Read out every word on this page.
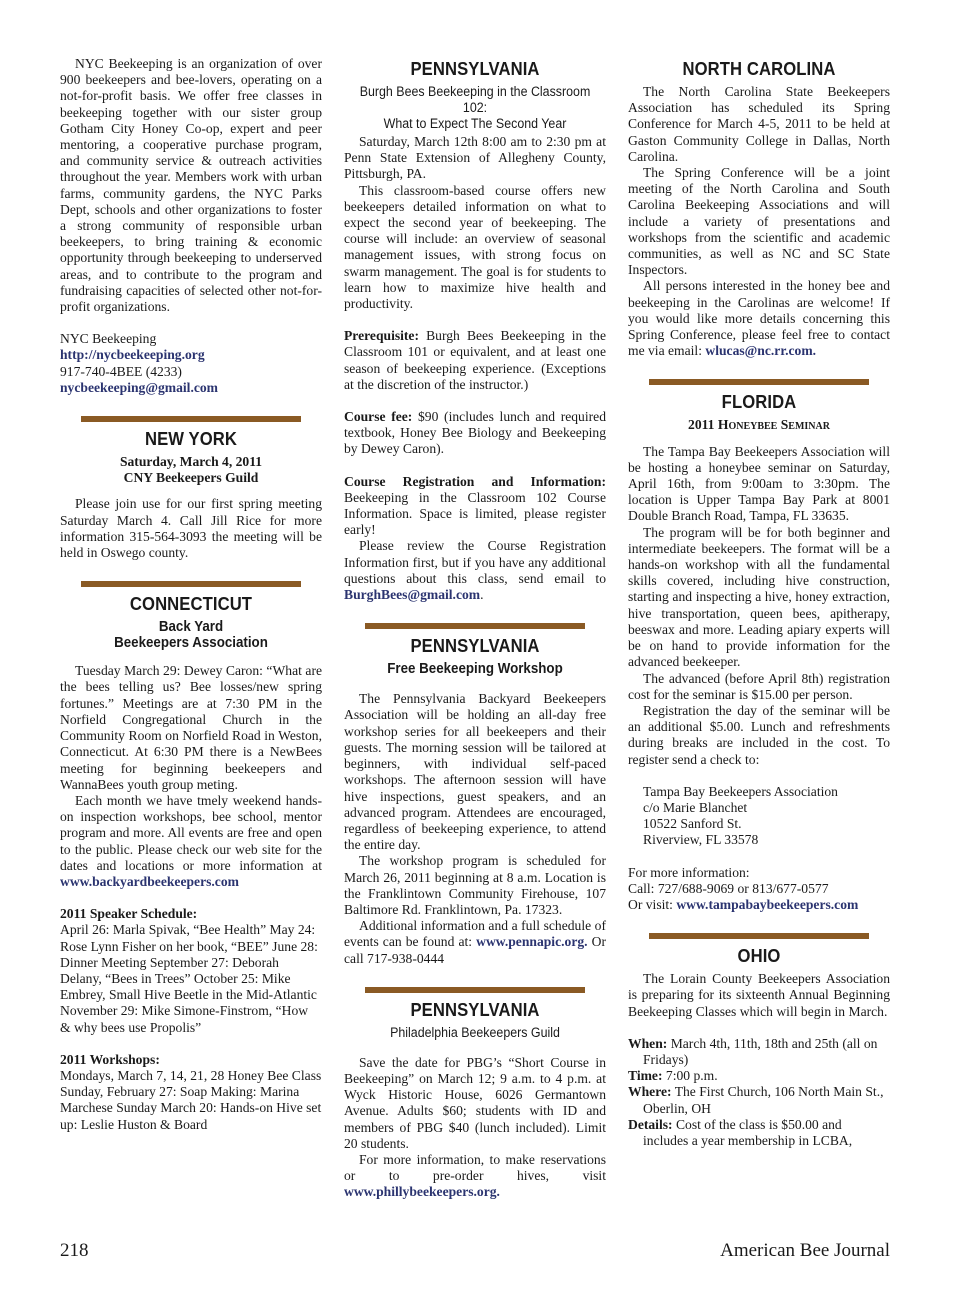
NYC Beekeeping is an organization of over 900 beekeepers and bee-lovers, operating on a not-for-profit basis. We offer free classes in beekeeping together with our sister group Gotham City Honey Co-op, expert and peer mentoring, a cooperative purchase program, and community service & outreach activities throughout the year. Members work with urban farms, community gardens, the NYC Parks Dept, schools and other organizations to foster a strong community of responsible urban beekeepers, to bring training & economic opportunity through beekeeping to underserved areas, and to contribute to the program and fundraising capacities of selected other not-for-profit organizations.

NYC Beekeeping
http://nycbeekeeping.org
917-740-4BEE (4233)
nycbeekeeping@gmail.com

NEW YORK
Saturday, March 4, 2011
CNY Beekeepers Guild

Please join use for our first spring meeting Saturday March 4. Call Jill Rice for more information 315-564-3093 the meeting will be held in Oswego county.

CONNECTICUT
Back Yard
Beekeepers Association

Tuesday March 29: Dewey Caron: “What are the bees telling us? Bee losses/new spring fortunes.” Meetings are at 7:30 PM in the Norfield Congregational Church in the Community Room on Norfield Road in Weston, Connecticut. At 6:30 PM there is a NewBees meeting for beginning beekeepers and WannaBees youth group meting.

Each month we have tmely weekend hands-on inspection workshops, bee school, mentor program and more. All events are free and open to the public. Please check our web site for the dates and locations or more information at www.backyardbeekeepers.com

2011 Speaker Schedule:
April 26: Marla Spivak, “Bee Health” May 24: Rose Lynn Fisher on her book, “BEE” June 28: Dinner Meeting September 27: Deborah Delany, “Bees in Trees” October 25: Mike Embrey, Small Hive Beetle in the Mid-Atlantic November 29: Mike Simone-Finstrom, “How & why bees use Propolis”

2011 Workshops:
Mondays, March 7, 14, 21, 28 Honey Bee Class Sunday, February 27: Soap Making: Marina Marchese Sunday March 20: Hands-on Hive set up: Leslie Huston & Board

PENNSYLVANIA
Burgh Bees Beekeeping in the Classroom 102:
What to Expect The Second Year

Saturday, March 12th 8:00 am to 2:30 pm at Penn State Extension of Allegheny County, Pittsburgh, PA.

This classroom-based course offers new beekeepers detailed information on what to expect the second year of beekeeping. The course will include: an overview of seasonal management issues, with strong focus on swarm management. The goal is for students to learn how to maximize hive health and productivity.

Prerequisite: Burgh Bees Beekeeping in the Classroom 101 or equivalent, and at least one season of beekeeping experience. (Exceptions at the discretion of the instructor.)

Course fee: $90 (includes lunch and required textbook, Honey Bee Biology and Beekeeping by Dewey Caron).

Course Registration and Information: Beekeeping in the Classroom 102 Course Information. Space is limited, please register early!

Please review the Course Registration Information first, but if you have any additional questions about this class, send email to BurghBees@gmail.com.

PENNSYLVANIA
Free Beekeeping Workshop

The Pennsylvania Backyard Beekeepers Association will be holding an all-day free workshop series for all beekeepers and their guests. The morning session will be tailored at beginners, with individual self-paced workshops. The afternoon session will have hive inspections, guest speakers, and an advanced program. Attendees are encouraged, regardless of beekeeping experience, to attend the entire day.

The workshop program is scheduled for March 26, 2011 beginning at 8 a.m. Location is the Franklintown Community Firehouse, 107 Baltimore Rd. Franklintown, Pa. 17323.

Additional information and a full schedule of events can be found at: www.pennapic.org. Or call 717-938-0444

PENNSYLVANIA
Philadelphia Beekeepers Guild

Save the date for PBG’s “Short Course in Beekeeping” on March 12; 9 a.m. to 4 p.m. at Wyck Historic House, 6026 Germantown Avenue. Adults $60; students with ID and members of PBG $40 (lunch included). Limit 20 students.

For more information, to make reservations or to pre-order hives, visit www.phillybeekeepers.org.

NORTH CAROLINA

The North Carolina State Beekeepers Association has scheduled its Spring Conference for March 4-5, 2011 to be held at Gaston Community College in Dallas, North Carolina.

The Spring Conference will be a joint meeting of the North Carolina and South Carolina Beekeeping Associations and will include a variety of presentations and workshops from the scientific and academic communities, as well as NC and SC State Inspectors.

All persons interested in the honey bee and beekeeping in the Carolinas are welcome! If you would like more details concerning this Spring Conference, please feel free to contact me via email: wlucas@nc.rr.com.

FLORIDA
2011 Honeybee Seminar

The Tampa Bay Beekeepers Association will be hosting a honeybee seminar on Saturday, April 16th, from 9:00am to 3:30pm. The location is Upper Tampa Bay Park at 8001 Double Branch Road, Tampa, FL 33635.

The program will be for both beginner and intermediate beekeepers. The format will be a hands-on workshop with all the fundamental skills covered, including hive construction, starting and inspecting a hive, honey extraction, hive transportation, queen bees, apitherapy, beeswax and more. Leading apiary experts will be on hand to provide information for the advanced beekeeper.

The advanced (before April 8th) registration cost for the seminar is $15.00 per person.

Registration the day of the seminar will be an additional $5.00. Lunch and refreshments during breaks are included in the cost. To register send a check to:

Tampa Bay Beekeepers Association
c/o Marie Blanchet
10522 Sanford St.
Riverview, FL 33578

For more information:
Call: 727/688-9069 or 813/677-0577
Or visit: www.tampabaybeekeepers.com

OHIO

The Lorain County Beekeepers Association is preparing for its sixteenth Annual Beginning Beekeeping Classes which will begin in March.

When: March 4th, 11th, 18th and 25th (all on Fridays)

Time: 7:00 p.m.

Where: The First Church, 106 North Main St., Oberlin, OH

Details: Cost of the class is $50.00 and includes a year membership in LCBA,

218	American Bee Journal
